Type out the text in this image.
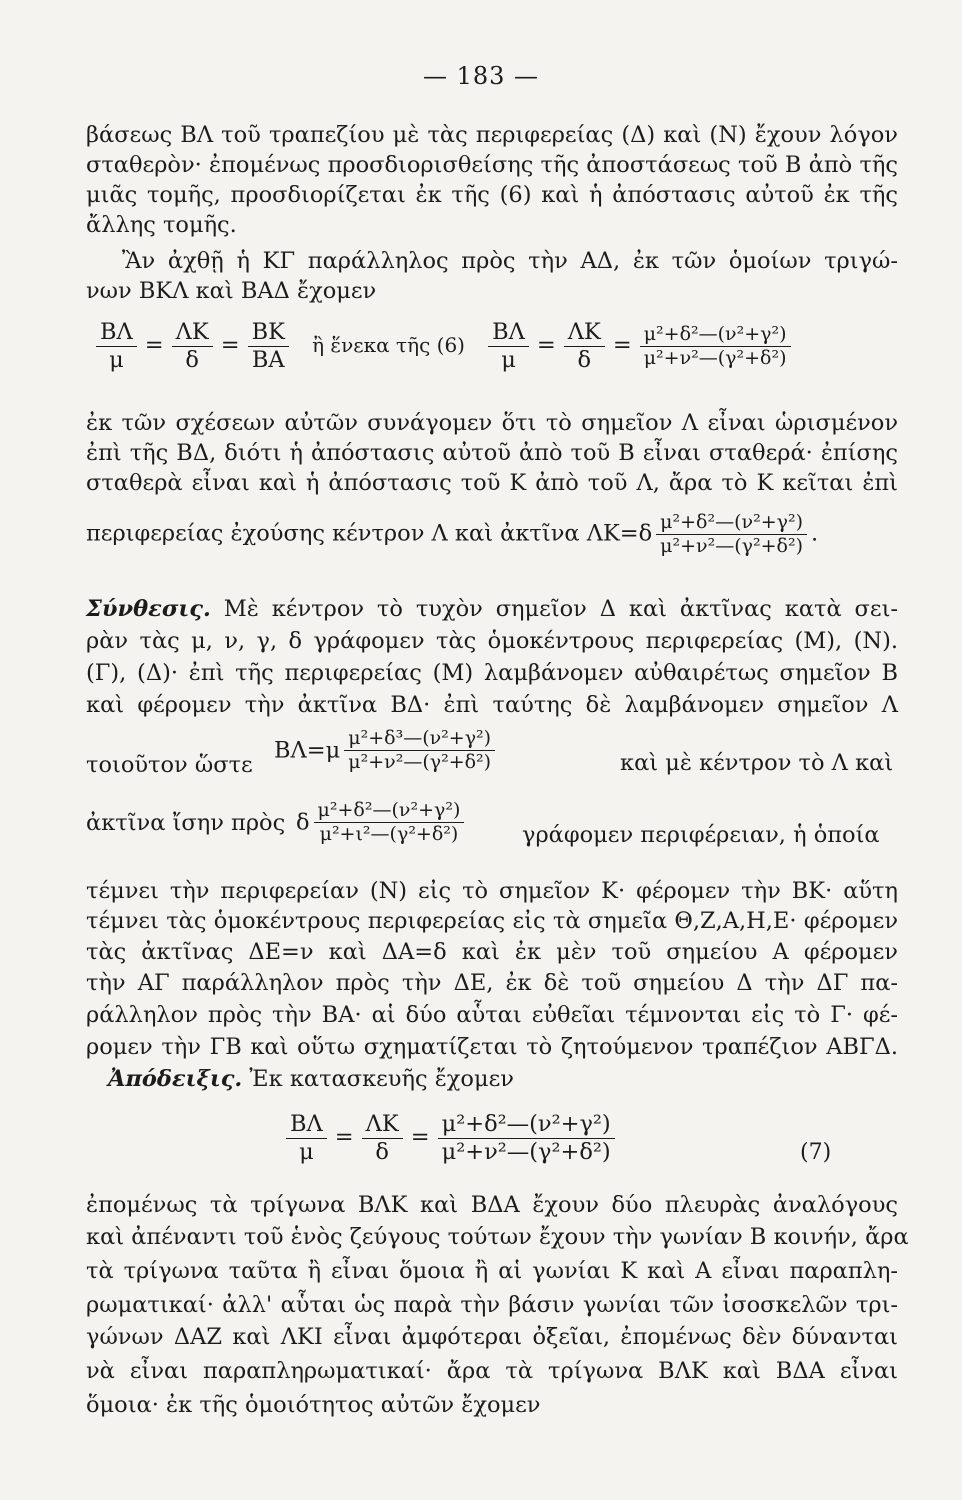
— 183 —
βάσεως ΒΛ τοῦ τραπεζίου μὲ τὰς περιφερείας (Δ) καὶ (Ν) ἔχουν λόγον
σταθερὸν· ἐπομένως προσδιορισθείσης τῆς ἀποστάσεως τοῦ Β ἀπὸ τῆς
μιᾶς τομῆς, προσδιορίζεται ἐκ τῆς (6) καὶ ἡ ἀπόστασις αὐτοῦ ἐκ τῆς
ἄλλης τομῆς.
Ἂν ἀχθῇ ἡ ΚΓ παράλληλος πρὸς τὴν ΑΔ, ἐκ τῶν ὁμοίων τριγώ-
νων ΒΚΛ καὶ ΒΑΔ ἔχομεν
$\frac{B\Lambda}{\mu} = \frac{\Lambda K}{\delta} = \frac{BK}{BA}$ ἢ ἕνεκα τῆς $(6) \frac{B\Lambda}{\mu} = \frac{\Lambda K}{\delta} = \frac{\text{μ²+δ²—(ν²+γ²)}}{\text{μ²+ν²—(γ²+δ²)}}$
ἐκ τῶν σχέσεων αὐτῶν συνάγομεν ὅτι τὸ σημεῖον Λ εἶναι ὡρισμένον
ἐπὶ τῆς ΒΔ, διότι ἡ ἀπόστασις αὐτοῦ ἀπὸ τοῦ Β εἶναι σταθερά· ἐπίσης
σταθερὰ εἶναι καὶ ἡ ἀπόστασις τοῦ Κ ἀπὸ τοῦ Λ, ἄρα τὸ Κ κεῖται ἐπὶ
περιφερείας ἐχούσης κέντρον Λ καὶ ἀκτῖνα $\Lambda K=\delta \frac{\text{μ²+δ²—(ν²+γ²)}}{\text{μ²+ν²—(γ²+δ²)}}$ .
Σύνθεσις. Μὲ κέντρον τὸ τυχὸν σημεῖον Δ καὶ ἀκτῖνας κατὰ σει-
ρὰν τὰς μ, ν, γ, δ γράφομεν τὰς ὁμοκέντρους περιφερείας (Μ), (Ν).
(Γ), (Δ)· ἐπὶ τῆς περιφερείας (Μ) λαμβάνομεν αὐθαιρέτως σημεῖον Β
καὶ φέρομεν τὴν ἀκτῖνα ΒΔ· ἐπὶ ταύτης δὲ λαμβάνομεν σημεῖον Λ
τοιοῦτον ὥστε
$B\Lambda=\mu \frac{\text{μ²+δ³—(ν²+γ²)}}{\text{μ²+ν²—(γ²+δ²)}}$	καὶ μὲ κέντρον τὸ Λ καὶ
ἀκτῖνα ἴσην πρὸς δ $\frac{\text{μ²+δ²—(ν²+γ²)}}{\text{μ²+ι²—(γ²+δ²)}}$	γράφομεν περιφέρειαν, ἡ ὁποία
τέμνει τὴν περιφερείαν (Ν) εἰς τὸ σημεῖον Κ· φέρομεν τὴν ΒΚ· αὕτη
τέμνει τὰς ὁμοκέντρους περιφερείας εἰς τὰ σημεῖα Θ,Ζ,Α,Η,Ε· φέρομεν
τὰς ἀκτῖνας ΔΕ=ν καὶ ΔΑ=δ καὶ ἐκ μὲν τοῦ σημείου Α φέρομεν
τὴν ΑΓ παράλληλον πρὸς τὴν ΔΕ, ἐκ δὲ τοῦ σημείου Δ τὴν ΔΓ πα-
ράλληλον πρὸς τὴν ΒΑ· αἱ δύο αὗται εὐθεῖαι τέμνονται εἰς τὸ Γ· φέ-
ρομεν τὴν ΓΒ καὶ οὕτω σχηματίζεται τὸ ζητούμενον τραπέζιον ΑΒΓΔ.
Ἀπόδειξις. Ἐκ κατασκευῆς ἔχομεν
$\frac{B\Lambda}{\mu} = \frac{\Lambda K}{\delta} = \frac{\text{μ²+δ²—(ν²+γ²)}}{\text{μ²+ν²—(γ²+δ²)}}$	(7)
ἐπομένως τὰ τρίγωνα ΒΛΚ καὶ ΒΔΑ ἔχουν δύο πλευρὰς ἀναλόγους
καὶ ἀπέναντι τοῦ ἑνὸς ζεύγους τούτων ἔχουν τὴν γωνίαν Β κοινήν, ἄρα
τὰ τρίγωνα ταῦτα ἢ εἶναι ὅμοια ἢ αἱ γωνίαι Κ καὶ Α εἶναι παραπλη-
ρωματικαί· ἀλλ' αὗται ὡς παρὰ τὴν βάσιν γωνίαι τῶν ἰσοσκελῶν τρι-
γώνων ΔΑΖ καὶ ΛΚΙ εἶναι ἀμφότεραι ὀξεῖαι, ἐπομένως δὲν δύνανται
νὰ εἶναι παραπληρωματικαί· ἄρα τὰ τρίγωνα ΒΛΚ καὶ ΒΔΑ εἶναι
ὅμοια· ἐκ τῆς ὁμοιότητος αὐτῶν ἔχομεν
